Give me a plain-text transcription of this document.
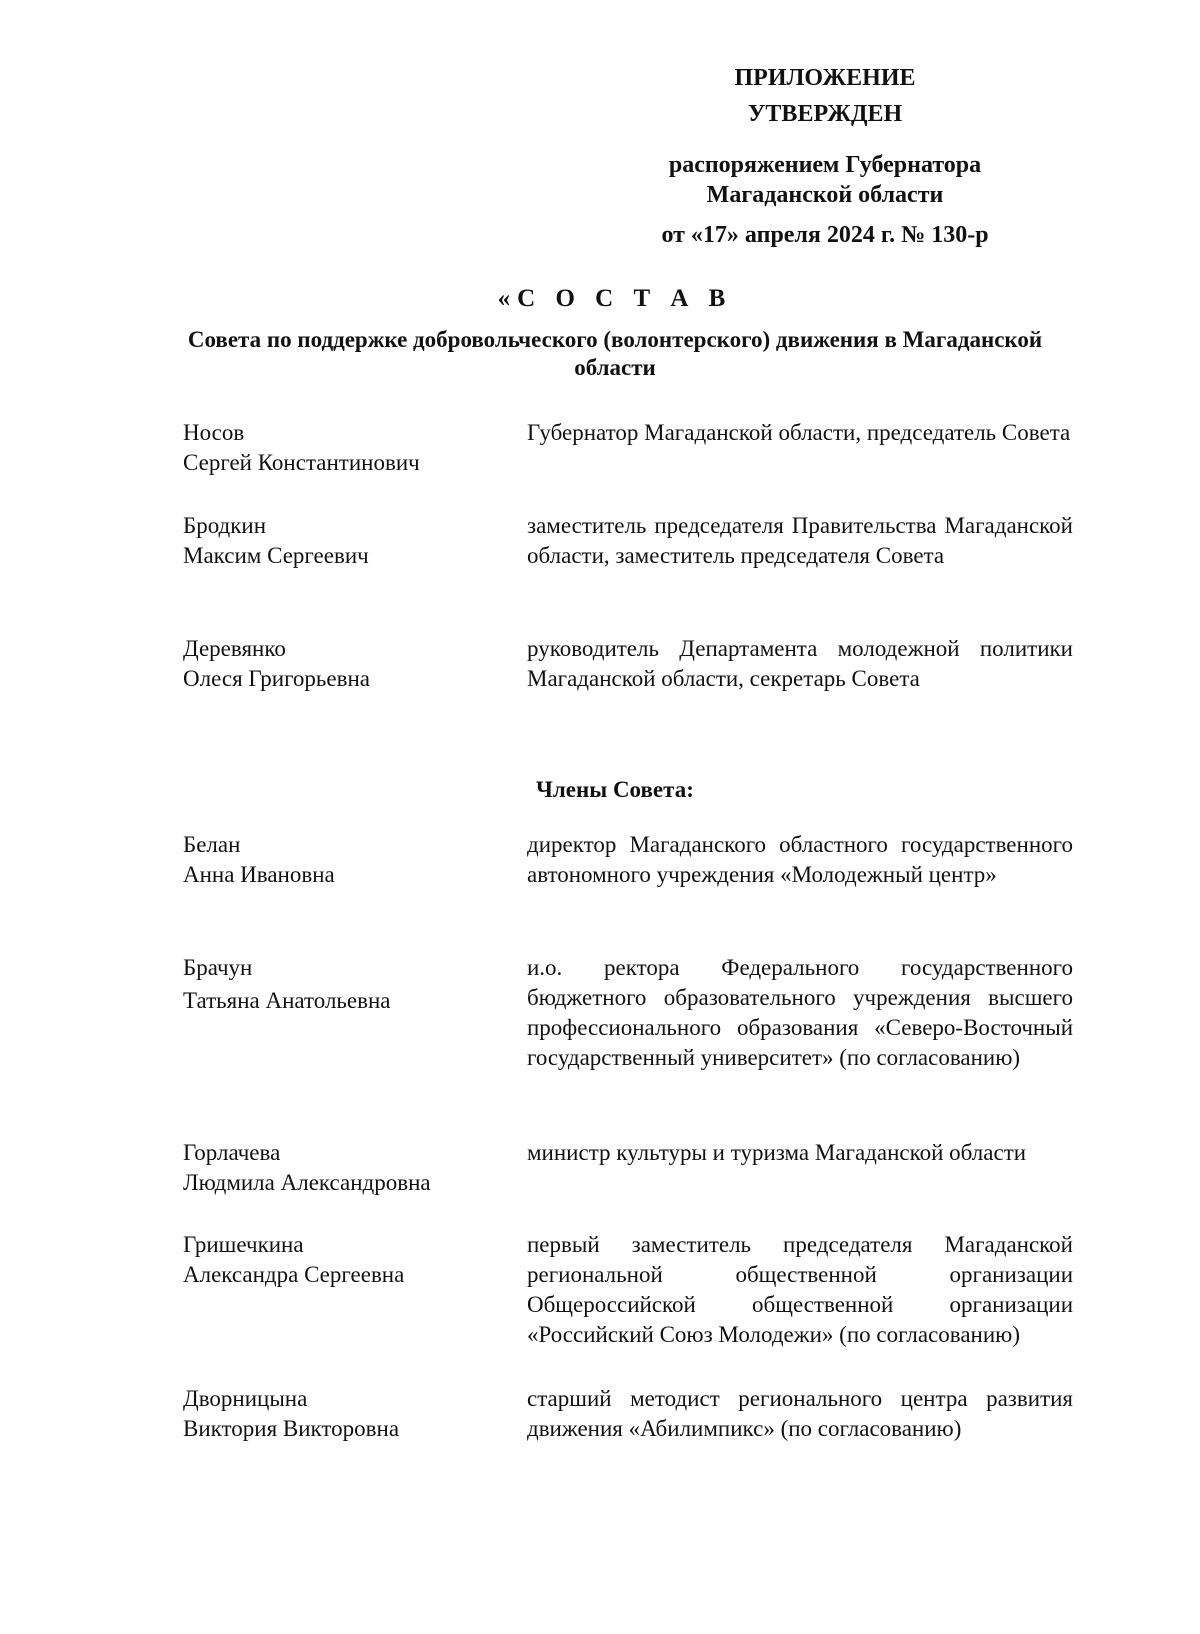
ПРИЛОЖЕНИЕ
УТВЕРЖДЕН
распоряжением Губернатора Магаданской области
от «17» апреля 2024 г. № 130-р
«С О С Т А В
Совета по поддержке добровольческого (волонтерского) движения в Магаданской области
Носов
Сергей Константинович
Губернатор Магаданской области, председатель Совета
Бродкин
Максим Сергеевич
заместитель председателя Правительства Магаданской области, заместитель председателя Совета
Деревянко
Олеся Григорьевна
руководитель Департамента молодежной политики Магаданской области, секретарь Совета
Члены Совета:
Белан
Анна Ивановна
директор Магаданского областного государственного автономного учреждения «Молодежный центр»
Брачун
Татьяна Анатольевна
и.о. ректора Федерального государственного бюджетного образовательного учреждения высшего профессионального образования «Северо-Восточный государственный университет» (по согласованию)
Горлачева
Людмила Александровна
министр культуры и туризма Магаданской области
Гришечкина
Александра Сергеевна
первый заместитель председателя Магаданской региональной общественной организации Общероссийской общественной организации «Российский Союз Молодежи» (по согласованию)
Дворницына
Виктория Викторовна
старший методист регионального центра развития движения «Абилимпикс» (по согласованию)
